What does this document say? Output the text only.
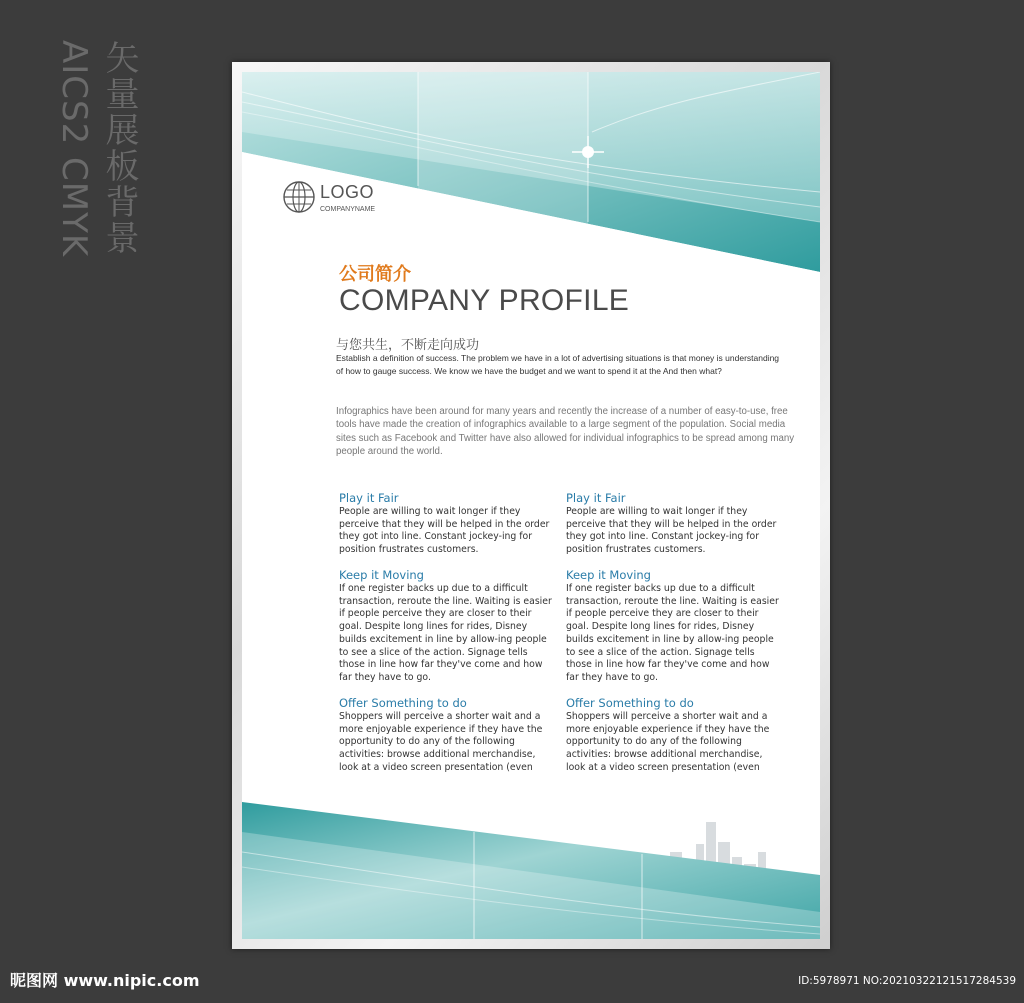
矢量展板背景
AICS2 CMYK	LOGO
COMPANYNAME
公司简介
COMPANY PROFILE
与您共生，不断走向成功
Establish a definition of success. The problem we have in a lot of advertising situations is that money is understanding of how to gauge success. We know we have the budget and we want to spend it at the And then what?
Infographics have been around for many years and recently the increase of a number of easy-to-use, free tools have made the creation of infographics available to a large segment of the population. Social media sites such as Facebook and Twitter have also allowed for individual infographics to be spread among many people around the world.
Play it Fair

People are willing to wait longer if they perceive that they will be helped in the order they got into line. Constant jockey-ing for position frustrates customers.

Keep it Moving

If one register backs up due to a difficult transaction, reroute the line. Waiting is easier if people perceive they are closer to their goal. Despite long lines for rides, Disney builds excitement in line by allow-ing people to see a slice of the action. Signage tells those in line how far they've come and how far they have to go.

Offer Something to do

Shoppers will perceive a shorter wait and a more enjoyable experience if they have the opportunity to do any of the following activities: browse additional merchandise, look at a video screen presentation (even

Play it Fair

People are willing to wait longer if they perceive that they will be helped in the order they got into line. Constant jockey-ing for position frustrates customers.

Keep it Moving

If one register backs up due to a difficult transaction, reroute the line. Waiting is easier if people perceive they are closer to their goal. Despite long lines for rides, Disney builds excitement in line by allow-ing people to see a slice of the action. Signage tells those in line how far they've come and how far they have to go.

Offer Something to do

Shoppers will perceive a shorter wait and a more enjoyable experience if they have the opportunity to do any of the following activities: browse additional merchandise, look at a video screen presentation (even

昵图网 www.nipic.com	ID:5978971 NO:20210322121517284539
